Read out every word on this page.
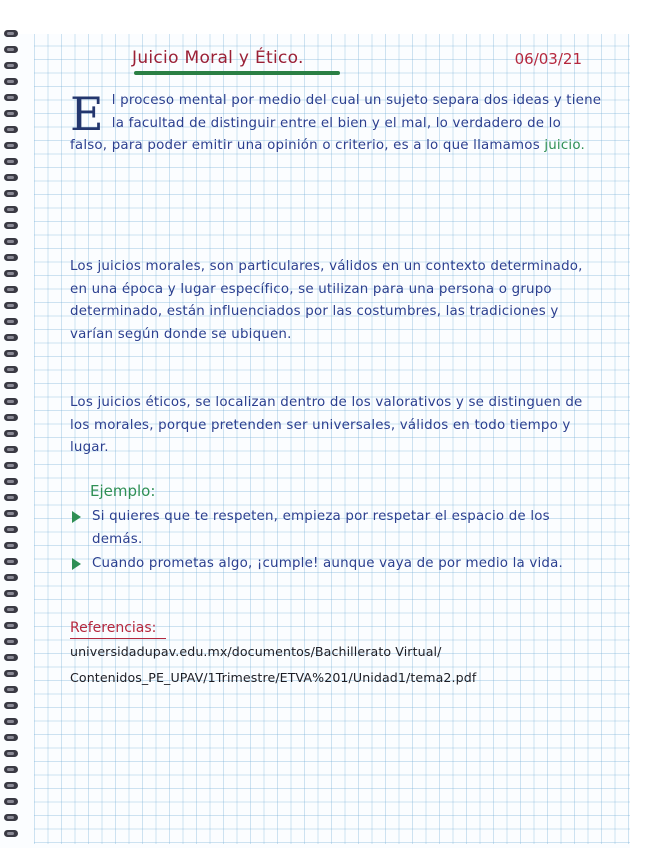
Juicio Moral y Ético.	06/03/21
El proceso mental por medio del cual un sujeto separa dos ideas y tiene la facultad de distinguir entre el bien y el mal, lo verdadero de lo falso, para poder emitir una opinión o criterio, es a lo que llamamos juicio.
Los juicios morales, son particulares, válidos en un contexto determinado, en una época y lugar específico, se utilizan para una persona o grupo determinado, están influenciados por las costumbres, las tradiciones y varían según donde se ubiquen.
Los juicios éticos, se localizan dentro de los valorativos y se distinguen de los morales, porque pretenden ser universales, válidos en todo tiempo y lugar.
Ejemplo:
Si quieres que te respeten, empieza por respetar el espacio de los demás.
Cuando prometas algo, ¡cumple! aunque vaya de por medio la vida.
Referencias:
universidadupav.edu.mx/documentos/Bachillerato Virtual/
Contenidos_PE_UPAV/1Trimestre/ETVA%201/Unidad1/tema2.pdf
